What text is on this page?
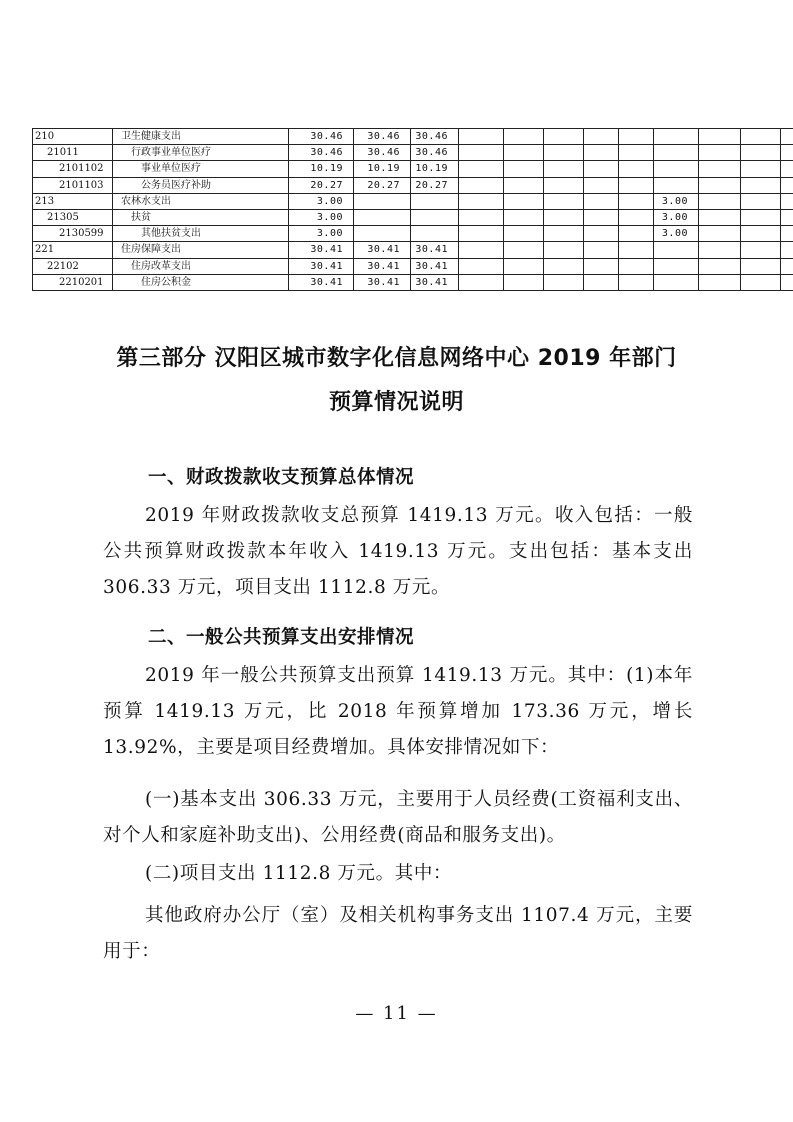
210	卫生健康支出	30.46	30.46	30.46										
21011	行政事业单位医疗	30.46	30.46	30.46										
2101102	事业单位医疗	10.19	10.19	10.19										
2101103	公务员医疗补助	20.27	20.27	20.27										
213	农林水支出	3.00								3.00				
21305	扶贫	3.00								3.00				
2130599	其他扶贫支出	3.00								3.00				
221	住房保障支出	30.41	30.41	30.41										
22102	住房改革支出	30.41	30.41	30.41										
2210201	住房公积金	30.41	30.41	30.41										
第三部分 汉阳区城市数字化信息网络中心 2019 年部门
预算情况说明
一、财政拨款收支预算总体情况
2019 年财政拨款收支总预算 1419.13 万元。收入包括：一般公共预算财政拨款本年收入 1419.13 万元。支出包括：基本支出 306.33 万元，项目支出 1112.8 万元。
二、一般公共预算支出安排情况
2019 年一般公共预算支出预算 1419.13 万元。其中：(1)本年预算 1419.13 万元，比 2018 年预算增加 173.36 万元，增长 13.92%，主要是项目经费增加。具体安排情况如下：
(一)基本支出 306.33 万元，主要用于人员经费(工资福利支出、对个人和家庭补助支出)、公用经费(商品和服务支出)。
(二)项目支出 1112.8 万元。其中：
其他政府办公厅（室）及相关机构事务支出 1107.4 万元，主要用于：
— 11 —
